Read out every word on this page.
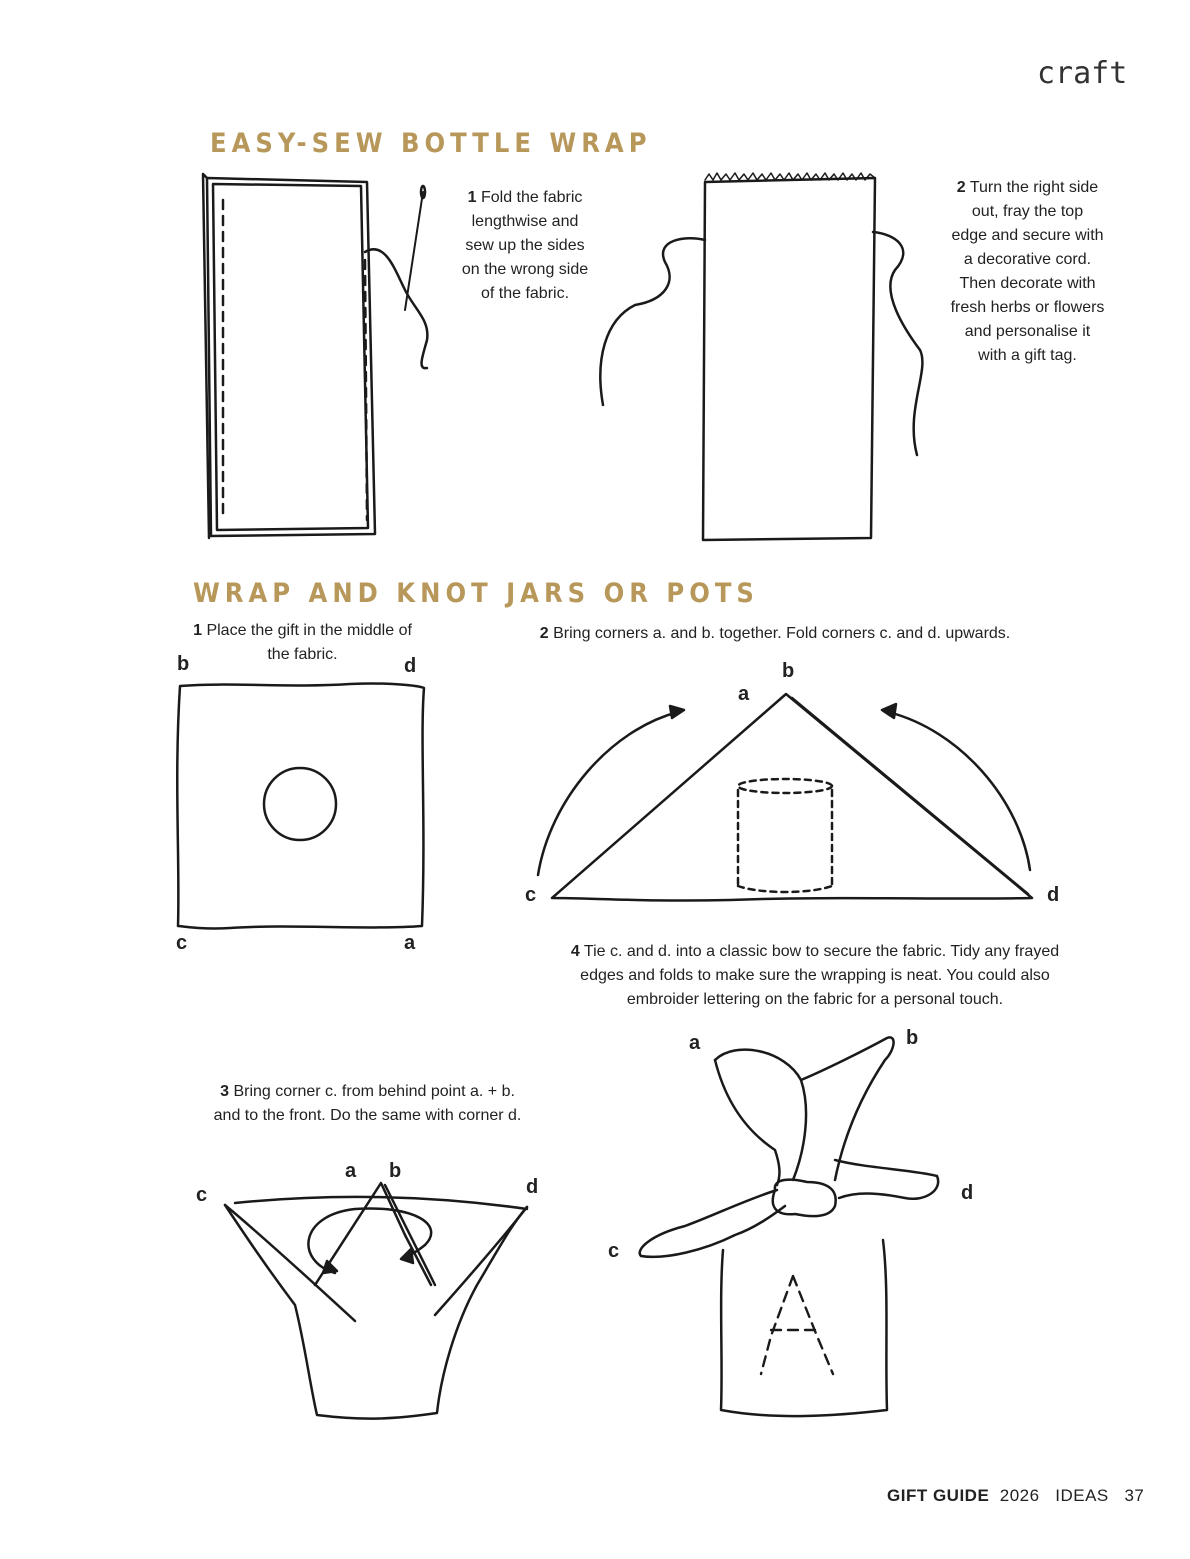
craft
EASY-SEW BOTTLE WRAP
1 Fold the fabric
lengthwise and
sew up the sides
on the wrong side
of the fabric.
2 Turn the right side
out, fray the top
edge and secure with
a decorative cord.
Then decorate with
fresh herbs or flowers
and personalise it
with a gift tag.
WRAP AND KNOT JARS OR POTS
1 Place the gift in the middle of
the fabric.
b	d
c	a
2 Bring corners a. and b. together. Fold corners c. and d. upwards.
a
b
c	d
4 Tie c. and d. into a classic bow to secure the fabric. Tidy any frayed
edges and folds to make sure the wrapping is neat. You could also
embroider lettering on the fabric for a personal touch.
3 Bring corner c. from behind point a. + b.
and to the front. Do the same with corner d.
a b
c	d
a	b
c
d
GIFT GUIDE 2026 IDEAS 37
